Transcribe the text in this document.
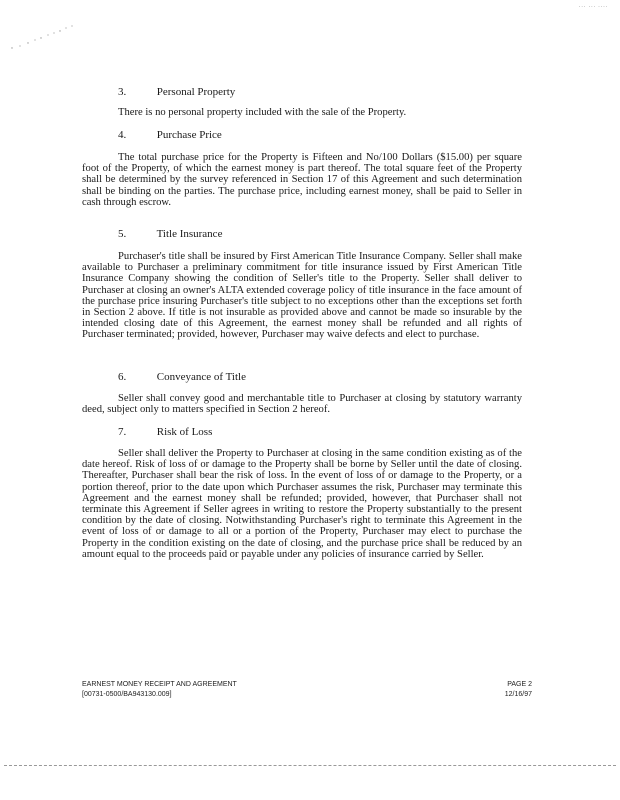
··· ··· ····
3.	Personal Property

There is no personal property included with the sale of the Property.

4.	Purchase Price

The total purchase price for the Property is Fifteen and No/100 Dollars ($15.00) per square foot of the Property, of which the earnest money is part thereof. The total square feet of the Property shall be determined by the survey referenced in Section 17 of this Agreement and such determination shall be binding on the parties. The purchase price, including earnest money, shall be paid to Seller in cash through escrow.

5.	Title Insurance

Purchaser's title shall be insured by First American Title Insurance Company. Seller shall make available to Purchaser a preliminary commitment for title insurance issued by First American Title Insurance Company showing the condition of Seller's title to the Property. Seller shall deliver to Purchaser at closing an owner's ALTA extended coverage policy of title insurance in the face amount of the purchase price insuring Purchaser's title subject to no exceptions other than the exceptions set forth in Section 2 above. If title is not insurable as provided above and cannot be made so insurable by the intended closing date of this Agreement, the earnest money shall be refunded and all rights of Purchaser terminated; provided, however, Purchaser may waive defects and elect to purchase.

6.	Conveyance of Title

Seller shall convey good and merchantable title to Purchaser at closing by statutory warranty deed, subject only to matters specified in Section 2 hereof.

7.	Risk of Loss

Seller shall deliver the Property to Purchaser at closing in the same condition existing as of the date hereof. Risk of loss of or damage to the Property shall be borne by Seller until the date of closing. Thereafter, Purchaser shall bear the risk of loss. In the event of loss of or damage to the Property, or a portion thereof, prior to the date upon which Purchaser assumes the risk, Purchaser may terminate this Agreement and the earnest money shall be refunded; provided, however, that Purchaser shall not terminate this Agreement if Seller agrees in writing to restore the Property substantially to the present condition by the date of closing. Notwithstanding Purchaser's right to terminate this Agreement in the event of loss of or damage to all or a portion of the Property, Purchaser may elect to purchase the Property in the condition existing on the date of closing, and the purchase price shall be reduced by an amount equal to the proceeds paid or payable under any policies of insurance carried by Seller.

EARNEST MONEY RECEIPT AND AGREEMENT	PAGE 2
[00731-0500/BA943130.009]	12/16/97
